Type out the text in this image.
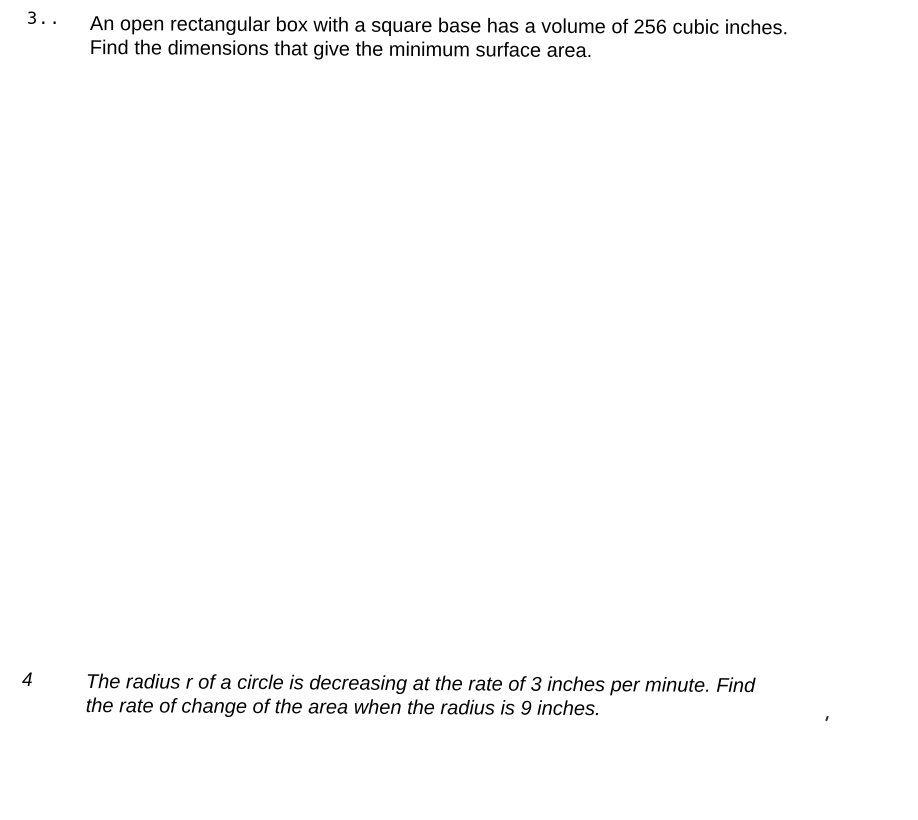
3.. An open rectangular box with a square base has a volume of 256 cubic inches.
Find the dimensions that give the minimum surface area.
4	The radius r of a circle is decreasing at the rate of 3 inches per minute. Find
the rate of change of the area when the radius is 9 inches.
